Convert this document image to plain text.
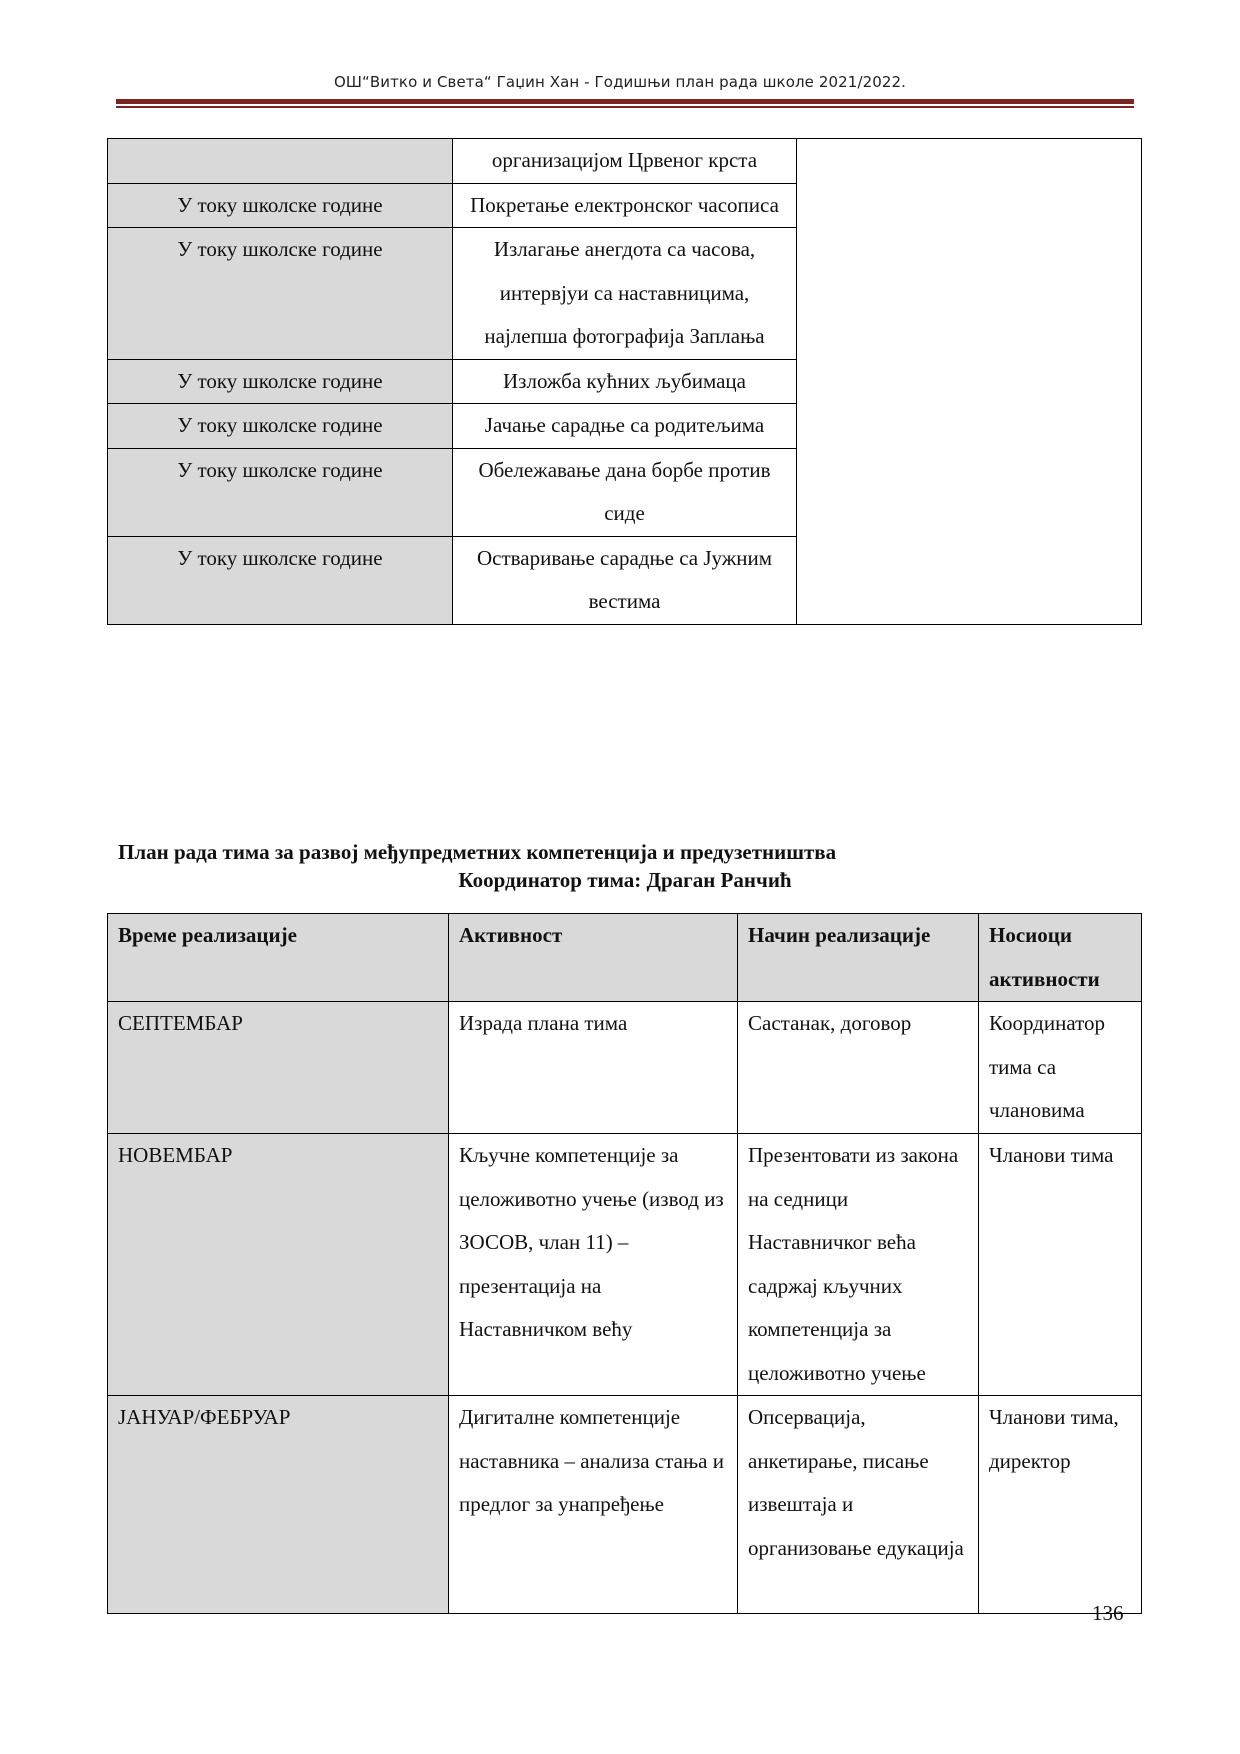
ОШ“Витко и Света“ Гаџин Хан - Годишњи план рада школе 2021/2022.
	организацијом Црвеног крста	
У току школске године	Покретање електронског часописа	
У току школске године	Излагање анегдота са часова, интервјуи са наставницима, најлепша фотографија Заплања	
У току школске године	Изложба кућних љубимаца	
У току школске године	Јачање сарадње са родитељима	
У току школске године	Обележавање дана борбе против сиде	
У току школске године	Остваривање сарадње са Јужним вестима	
План рада тима за развој међупредметних компетенција и предузетништва
Координатор тима: Драган Ранчић
Време реализације	Активност	Начин реализације	Носиоци активности
СЕПТЕМБАР	Израда плана тима	Састанак, договор	Координатор тима са члановима
НОВЕМБАР	Кључне компетенције за целоживотно учење (извод из ЗОСОВ, члан 11) – презентација на Наставничком већу	Презентовати из закона на седници Наставничког већа садржај кључних компетенција за целоживотно учење	Чланови тима
ЈАНУАР/ФЕБРУАР	Дигиталне компетенције наставника – анализа стања и предлог за унапређење	Опсервација, анкетирање, писање извештаја и организовање едукација	Чланови тима, директор
136
